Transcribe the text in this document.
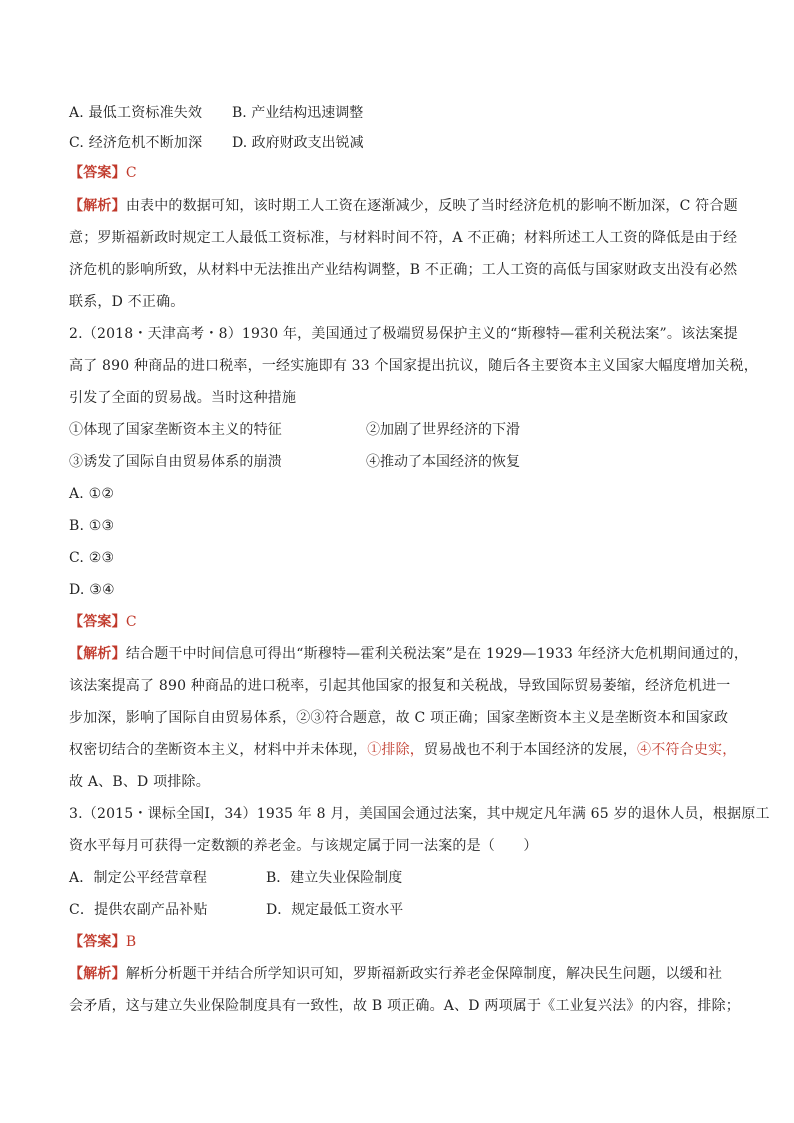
A. 最低工资标准失效 B. 产业结构迅速调整
C. 经济危机不断加深 D. 政府财政支出锐减
【答案】C
【解析】由表中的数据可知，该时期工人工资在逐渐减少，反映了当时经济危机的影响不断加深，C 符合题
意；罗斯福新政时规定工人最低工资标准，与材料时间不符，A 不正确；材料所述工人工资的降低是由于经
济危机的影响所致，从材料中无法推出产业结构调整，B 不正确；工人工资的高低与国家财政支出没有必然
联系，D 不正确。
2.（2018・天津高考・8）1930 年，美国通过了极端贸易保护主义的“斯穆特—霍利关税法案”。该法案提
高了 890 种商品的进口税率，一经实施即有 33 个国家提出抗议，随后各主要资本主义国家大幅度增加关税，
引发了全面的贸易战。当时这种措施
①体现了国家垄断资本主义的特征	②加剧了世界经济的下滑
③诱发了国际自由贸易体系的崩溃	④推动了本国经济的恢复
A. ①②
B. ①③
C. ②③
D. ③④
【答案】C
【解析】结合题干中时间信息可得出“斯穆特—霍利关税法案”是在 1929—1933 年经济大危机期间通过的，
该法案提高了 890 种商品的进口税率，引起其他国家的报复和关税战，导致国际贸易萎缩，经济危机进一
步加深，影响了国际自由贸易体系，②③符合题意，故 C 项正确；国家垄断资本主义是垄断资本和国家政
权密切结合的垄断资本主义，材料中并未体现，①排除，贸易战也不利于本国经济的发展，④不符合史实，
故 A、B、D 项排除。
3.（2015・课标全国Ⅰ，34）1935 年 8 月，美国国会通过法案，其中规定凡年满 65 岁的退休人员，根据原工
资水平每月可获得一定数额的养老金。与该规定属于同一法案的是（　　）
A．制定公平经营章程	B．建立失业保险制度
C．提供农副产品补贴	D．规定最低工资水平
【答案】B
【解析】解析分析题干并结合所学知识可知，罗斯福新政实行养老金保障制度，解决民生问题，以缓和社
会矛盾，这与建立失业保险制度具有一致性，故 B 项正确。A、D 两项属于《工业复兴法》的内容，排除；
